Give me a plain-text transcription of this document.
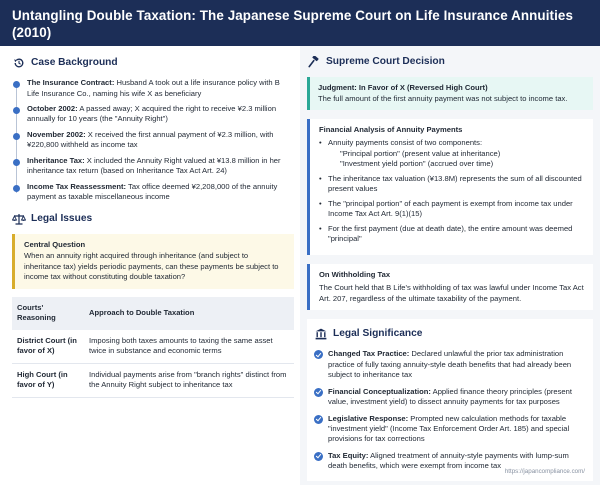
Untangling Double Taxation: The Japanese Supreme Court on Life Insurance Annuities (2010)
Case Background
The Insurance Contract: Husband A took out a life insurance policy with B Life Insurance Co., naming his wife X as beneficiary
October 2002: A passed away; X acquired the right to receive ¥2.3 million annually for 10 years (the "Annuity Right")
November 2002: X received the first annual payment of ¥2.3 million, with ¥220,800 withheld as income tax
Inheritance Tax: X included the Annuity Right valued at ¥13.8 million in her inheritance tax return (based on Inheritance Tax Act Art. 24)
Income Tax Reassessment: Tax office deemed ¥2,208,000 of the annuity payment as taxable miscellaneous income
Legal Issues
Central Question
When an annuity right acquired through inheritance (and subject to inheritance tax) yields periodic payments, can these payments be subject to income tax without constituting double taxation?
Courts' Reasoning	Approach to Double Taxation
District Court (in favor of X)	Imposing both taxes amounts to taxing the same asset twice in substance and economic terms
High Court (in favor of Y)	Individual payments arise from "branch rights" distinct from the Annuity Right subject to inheritance tax
Supreme Court Decision
Judgment: In Favor of X (Reversed High Court)
The full amount of the first annuity payment was not subject to income tax.
Financial Analysis of Annuity Payments
• Annuity payments consist of two components:
"Principal portion" (present value at inheritance)
"Investment yield portion" (accrued over time)
• The inheritance tax valuation (¥13.8M) represents the sum of all discounted present values
• The "principal portion" of each payment is exempt from income tax under Income Tax Act Art. 9(1)(15)
• For the first payment (due at death date), the entire amount was deemed "principal"
On Withholding Tax
The Court held that B Life's withholding of tax was lawful under Income Tax Act Art. 207, regardless of the ultimate taxability of the payment.
Legal Significance
Changed Tax Practice: Declared unlawful the prior tax administration practice of fully taxing annuity-style death benefits that had already been subject to inheritance tax
Financial Conceptualization: Applied finance theory principles (present value, investment yield) to dissect annuity payments for tax purposes
Legislative Response: Prompted new calculation methods for taxable "investment yield" (Income Tax Enforcement Order Art. 185) and special provisions for tax corrections
Tax Equity: Aligned treatment of annuity-style payments with lump-sum death benefits, which were exempt from income tax
https://japancompliance.com/
